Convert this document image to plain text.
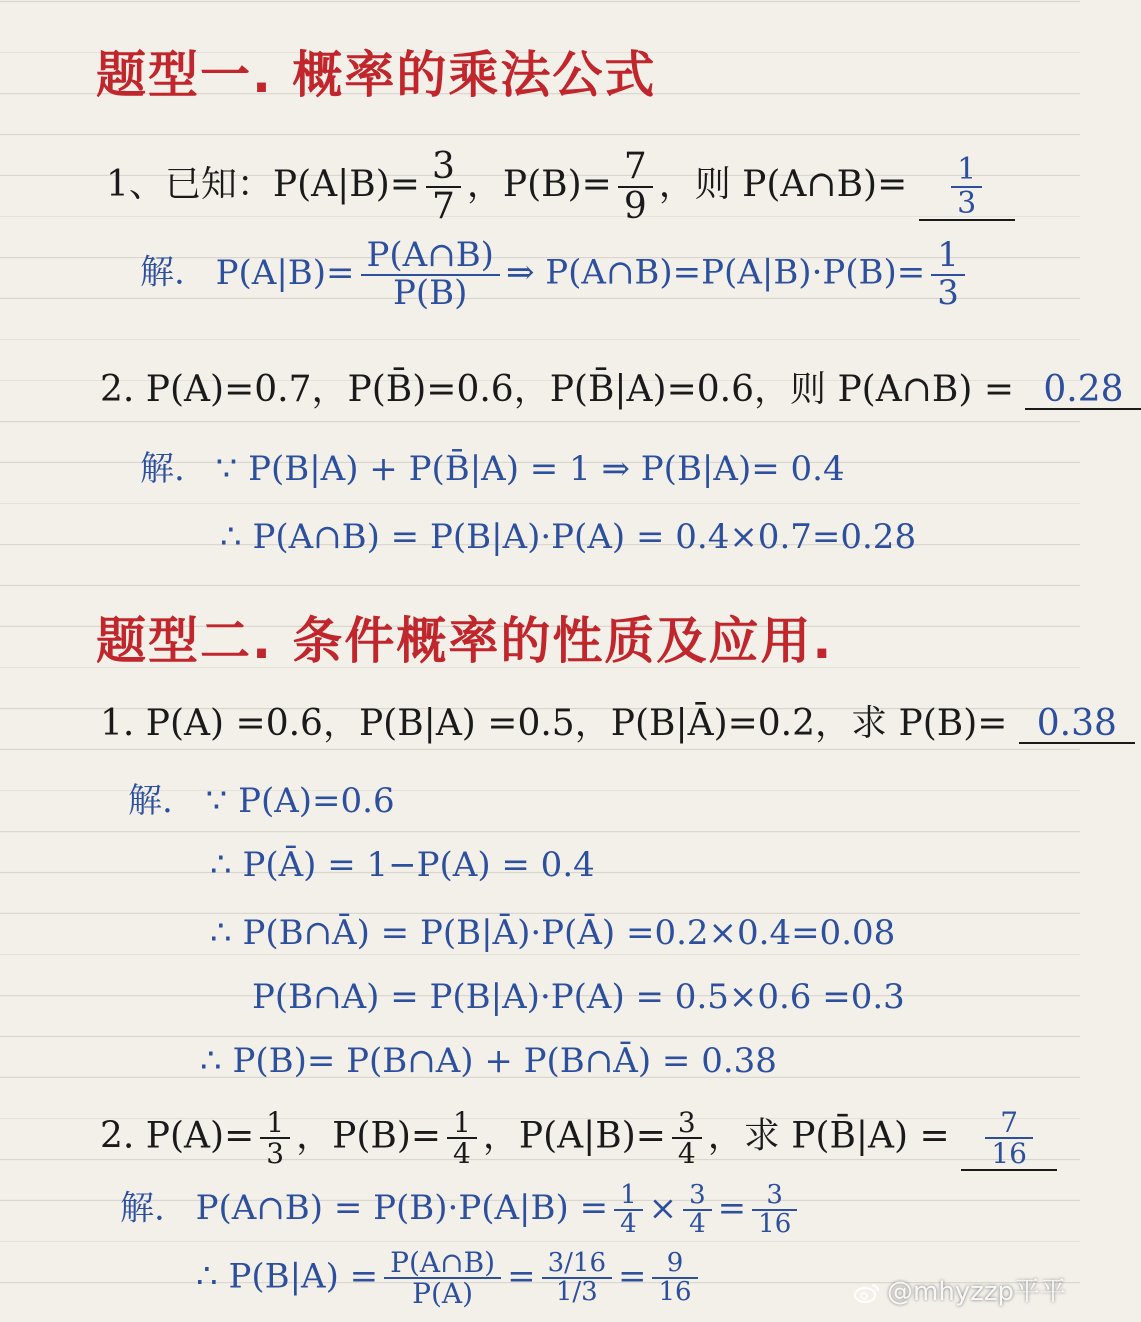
题型一. 概率的乘法公式
1、已知：$P(A|B)= \frac{3}{7}$ ，$P(B)= \frac{7}{9}$ ，则 P(A∩B)= $\frac{1}{3}$
解. $P(A|B)= \frac{P(A\cap B)}{P(B)}$ ⇒ P(A∩B)=P(A|B)·P(B)= $\frac{1}{3}$
2. P(A)=0.7，P(B̄)=0.6，P(B̄|A)=0.6，则 P(A∩B) = 0.28
解. ∵ P(B|A) + P(B̄|A) = 1 ⇒ P(B|A)= 0.4
∴ P(A∩B) = P(B|A)·P(A) = 0.4×0.7=0.28
题型二. 条件概率的性质及应用.
1. P(A) =0.6，P(B|A) =0.5，P(B|Ā)=0.2，求 P(B)= 0.38
解. ∵ P(A)=0.6
∴ P(Ā) = 1−P(A) = 0.4
∴ P(B∩Ā) = P(B|Ā)·P(Ā) =0.2×0.4=0.08
P(B∩A) = P(B|A)·P(A) = 0.5×0.6 =0.3
∴ P(B)= P(B∩A) + P(B∩Ā) = 0.38
2. $P(A)= \frac{1}{3}$ ，$P(B)= \frac{1}{4}$ ，$P(A|B)= \frac{3}{4}$ ，求 P(B̄|A) = $\frac{7}{16}$
解. P(A∩B) = $P(B)\cdot P(A|B) = \frac{1}{4} \times \frac{3}{4} = \frac{3}{16}$
∴ $P(B|A) = \frac{P(A\cap B)}{P(A)} = \frac{3/16}{1/3} = \frac{9}{16}$	@mhyzzp平平
